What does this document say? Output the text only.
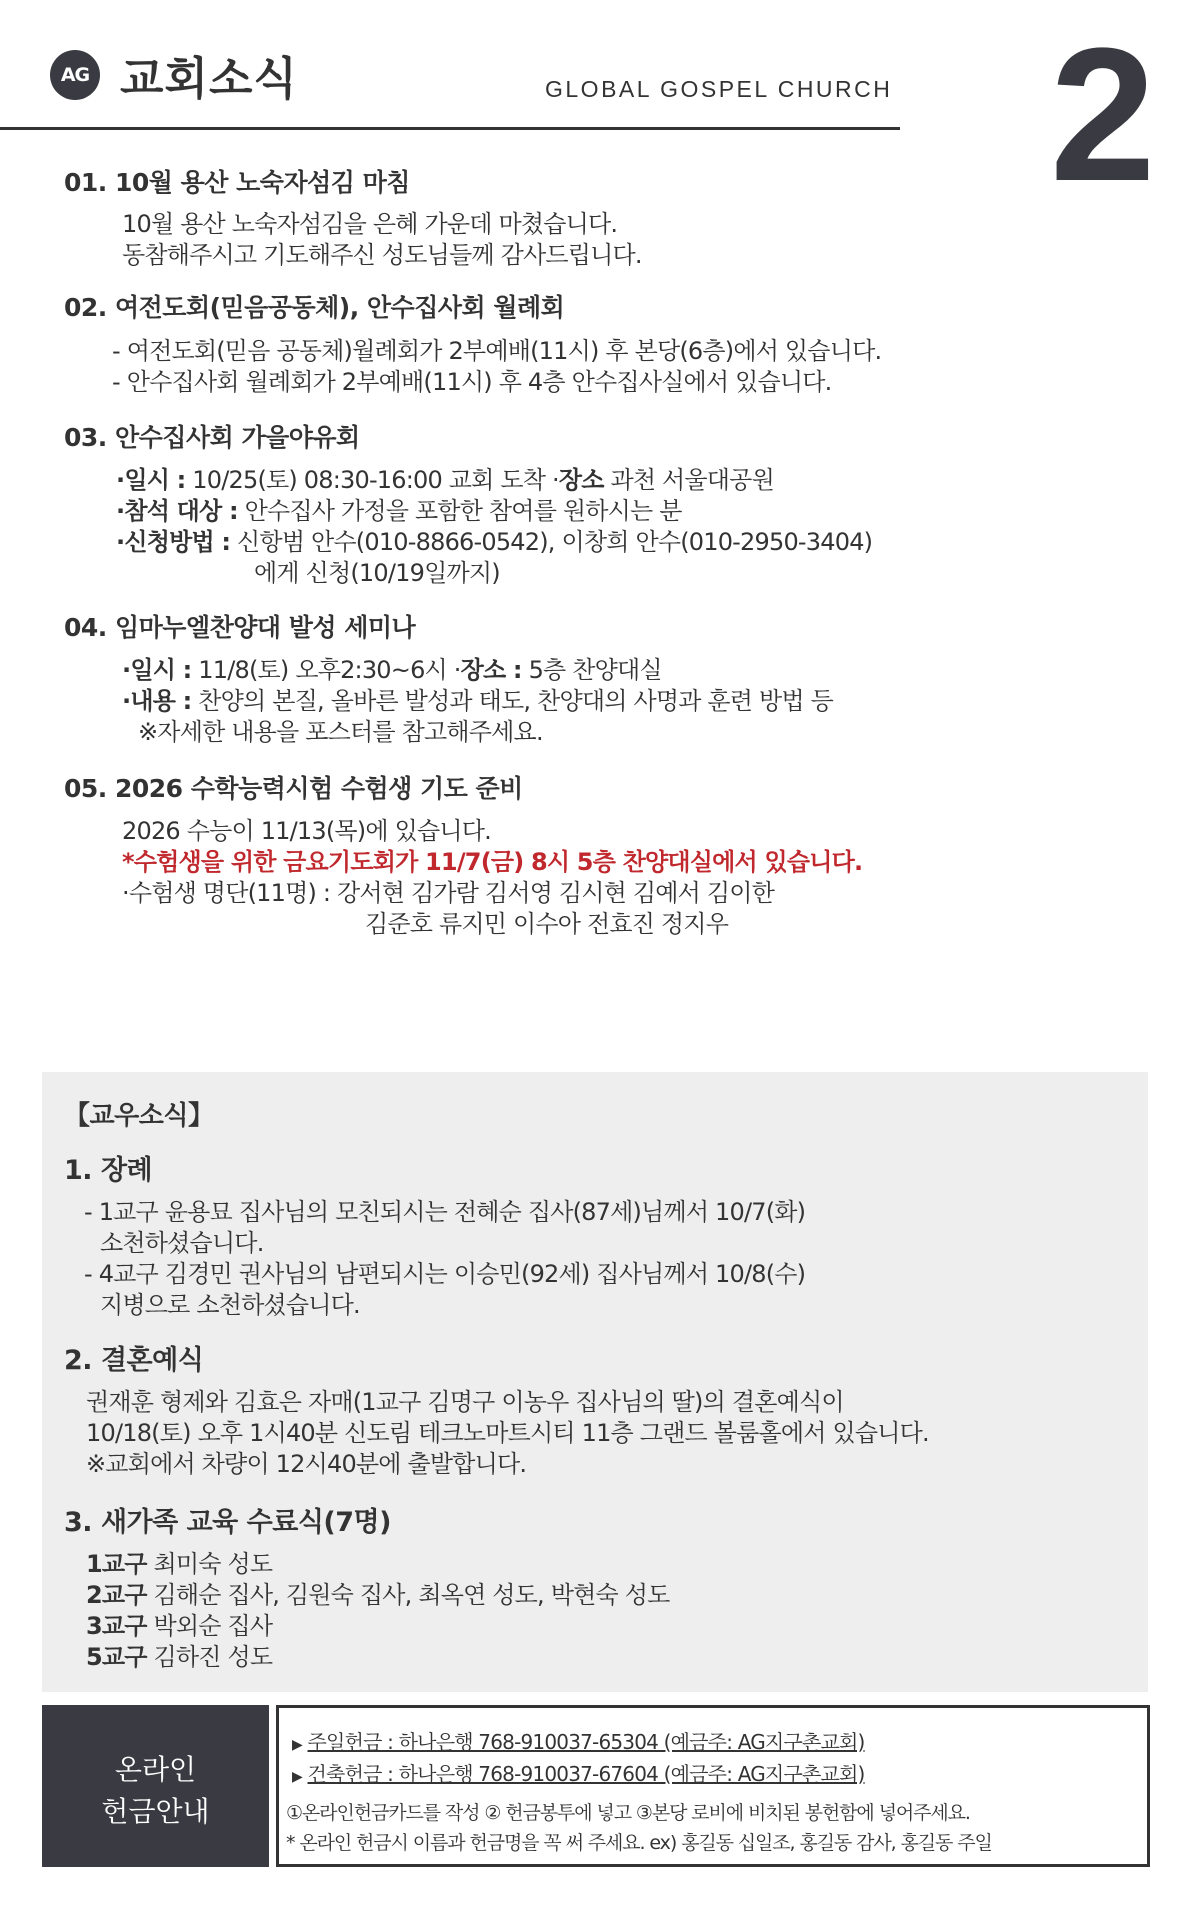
AG 교회소식	GLOBAL GOSPEL CHURCH 2
01. 10월 용산 노숙자섬김 마침
10월 용산 노숙자섬김을 은혜 가운데 마쳤습니다.
동참해주시고 기도해주신 성도님들께 감사드립니다.
02. 여전도회(믿음공동체), 안수집사회 월례회
- 여전도회(믿음 공동체)월례회가 2부예배(11시) 후 본당(6층)에서 있습니다.
- 안수집사회 월례회가 2부예배(11시) 후 4층 안수집사실에서 있습니다.
03. 안수집사회 가을야유회
·일시 : 10/25(토) 08:30-16:00 교회 도착 ·장소 과천 서울대공원
·참석 대상 : 안수집사 가정을 포함한 참여를 원하시는 분
·신청방법 : 신항범 안수(010-8866-0542), 이창희 안수(010-2950-3404)
에게 신청(10/19일까지)
04. 임마누엘찬양대 발성 세미나
·일시 : 11/8(토) 오후2:30~6시 ·장소 : 5층 찬양대실
·내용 : 찬양의 본질, 올바른 발성과 태도, 찬양대의 사명과 훈련 방법 등
※자세한 내용을 포스터를 참고해주세요.
05. 2026 수학능력시험 수험생 기도 준비
2026 수능이 11/13(목)에 있습니다.
*수험생을 위한 금요기도회가 11/7(금) 8시 5층 찬양대실에서 있습니다.
·수험생 명단(11명) : 강서현 김가람 김서영 김시현 김예서 김이한
김준호 류지민 이수아 전효진 정지우
【교우소식】
1. 장례
- 1교구 윤용묘 집사님의 모친되시는 전혜순 집사(87세)님께서 10/7(화)
소천하셨습니다.
- 4교구 김경민 권사님의 남편되시는 이승민(92세) 집사님께서 10/8(수)
지병으로 소천하셨습니다.
2. 결혼예식
권재훈 형제와 김효은 자매(1교구 김명구 이농우 집사님의 딸)의 결혼예식이
10/18(토) 오후 1시40분 신도림 테크노마트시티 11층 그랜드 볼룸홀에서 있습니다.
※교회에서 차량이 12시40분에 출발합니다.
3. 새가족 교육 수료식(7명)
1교구 최미숙 성도
2교구 김해순 집사, 김원숙 집사, 최옥연 성도, 박현숙 성도
3교구 박외순 집사
5교구 김하진 성도
온라인
헌금안내
▶ 주일헌금 : 하나은행 768-910037-65304 (예금주: AG지구촌교회)
▶ 건축헌금 : 하나은행 768-910037-67604 (예금주: AG지구촌교회)
①온라인헌금카드를 작성 ② 헌금봉투에 넣고 ③본당 로비에 비치된 봉헌함에 넣어주세요.
* 온라인 헌금시 이름과 헌금명을 꼭 써 주세요. ex) 홍길동 십일조, 홍길동 감사, 홍길동 주일
